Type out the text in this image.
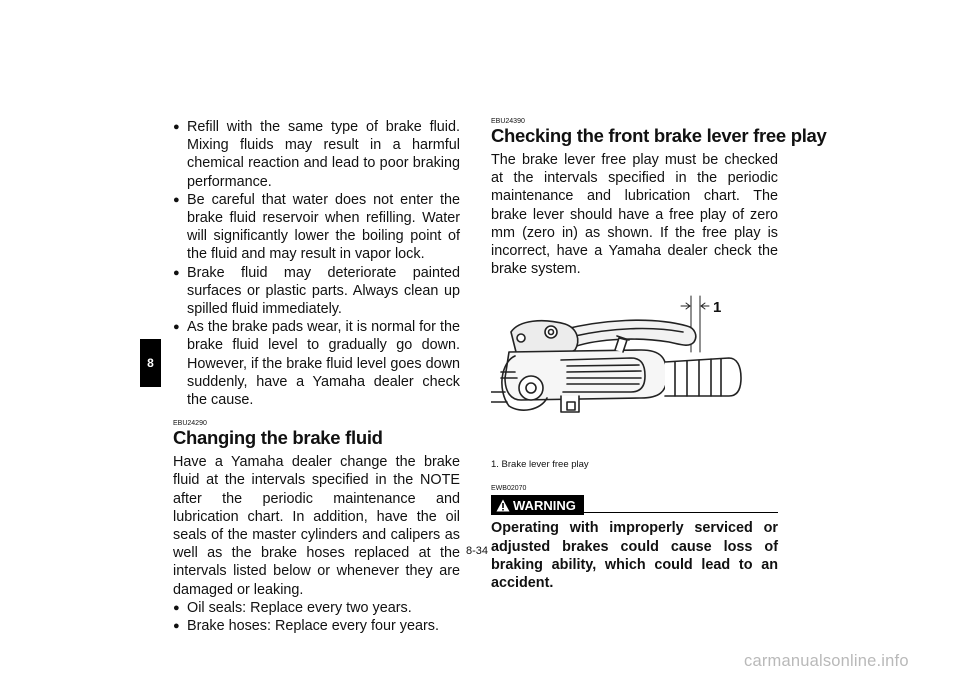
8
● Refill with the same type of brake fluid. Mixing fluids may result in a harmful chemical reaction and lead to poor braking performance.
● Be careful that water does not enter the brake fluid reservoir when refilling. Water will significantly lower the boiling point of the fluid and may result in vapor lock.
● Brake fluid may deteriorate painted surfaces or plastic parts. Always clean up spilled fluid immediately.
● As the brake pads wear, it is normal for the brake fluid level to gradually go down. However, if the brake fluid level goes down suddenly, have a Yamaha dealer check the cause.

EBU24290

Changing the brake fluid

Have a Yamaha dealer change the brake fluid at the intervals specified in the NOTE after the periodic maintenance and lubrication chart. In addition, have the oil seals of the master cylinders and calipers as well as the brake hoses replaced at the intervals listed below or whenever they are damaged or leaking.

● Oil seals: Replace every two years.
● Brake hoses: Replace every four years.

EBU24390

Checking the front brake lever free play

The brake lever free play must be checked at the intervals specified in the periodic maintenance and lubrication chart. The brake lever should have a free play of zero mm (zero in) as shown. If the free play is incorrect, have a Yamaha dealer check the brake system.

1

1. Brake lever free play

EWB02070

WARNING

Operating with improperly serviced or adjusted brakes could cause loss of braking ability, which could lead to an accident.

8-34
carmanualsonline.info
